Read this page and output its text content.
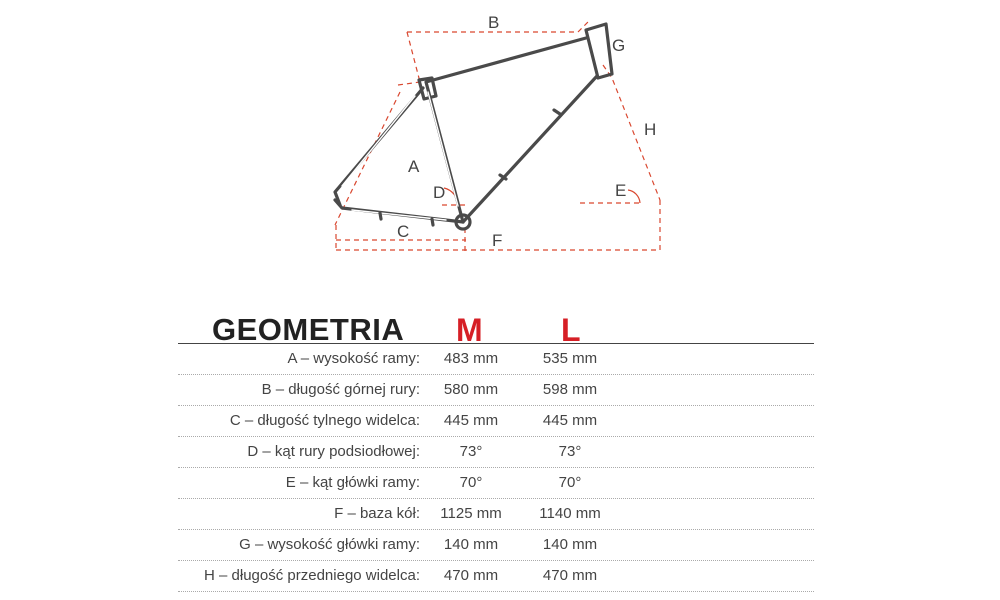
A
B
C
D	E
F
G
H
GEOMETRIA M L
A – wysokość ramy: 483 mm	535 mm
B – długość górnej rury: 580 mm	598 mm
C – długość tylnego widelca: 445 mm	445 mm
D – kąt rury podsiodłowej:	73°	73°
E – kąt główki ramy:	70°	70°
F – baza kół: 1125 mm	1140 mm
G – wysokość główki ramy: 140 mm	140 mm
H – długość przedniego widelca: 470 mm	470 mm
